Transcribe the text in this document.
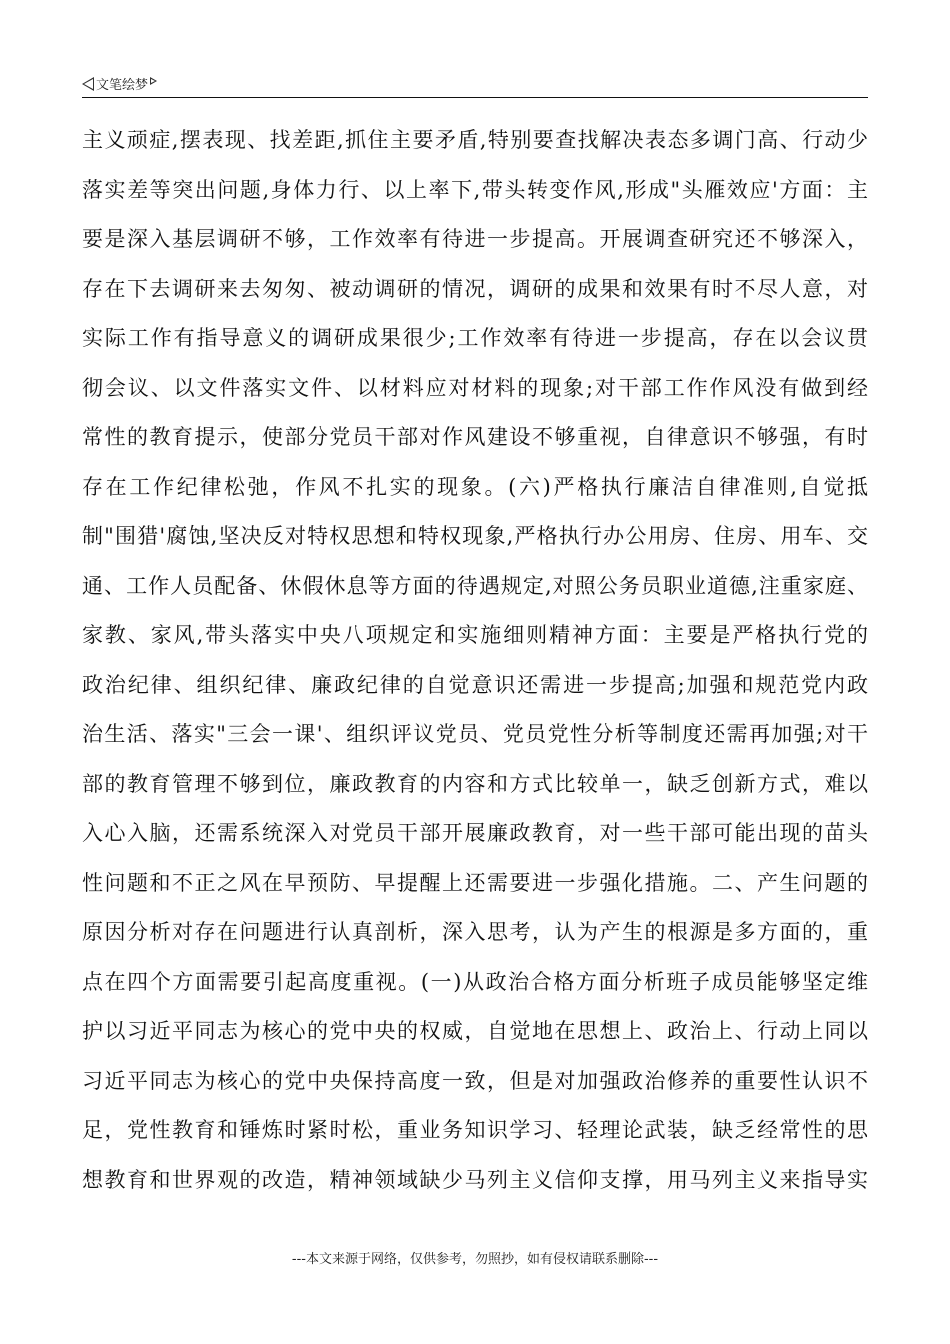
文笔绘梦
主义顽症,摆表现、找差距,抓住主要矛盾,特别要查找解决表态多调门高、行动少
落实差等突出问题,身体力行、以上率下,带头转变作风,形成"头雁效应'方面：主
要是深入基层调研不够，工作效率有待进一步提高。开展调查研究还不够深入，
存在下去调研来去匆匆、被动调研的情况，调研的成果和效果有时不尽人意，对
实际工作有指导意义的调研成果很少;工作效率有待进一步提高，存在以会议贯
彻会议、以文件落实文件、以材料应对材料的现象;对干部工作作风没有做到经
常性的教育提示，使部分党员干部对作风建设不够重视，自律意识不够强，有时
存在工作纪律松弛，作风不扎实的现象。(六)严格执行廉洁自律准则,自觉抵
制"围猎'腐蚀,坚决反对特权思想和特权现象,严格执行办公用房、住房、用车、交
通、工作人员配备、休假休息等方面的待遇规定,对照公务员职业道德,注重家庭、
家教、家风,带头落实中央八项规定和实施细则精神方面：主要是严格执行党的
政治纪律、组织纪律、廉政纪律的自觉意识还需进一步提高;加强和规范党内政
治生活、落实"三会一课'、组织评议党员、党员党性分析等制度还需再加强;对干
部的教育管理不够到位，廉政教育的内容和方式比较单一，缺乏创新方式，难以
入心入脑，还需系统深入对党员干部开展廉政教育，对一些干部可能出现的苗头
性问题和不正之风在早预防、早提醒上还需要进一步强化措施。二、产生问题的
原因分析对存在问题进行认真剖析，深入思考，认为产生的根源是多方面的，重
点在四个方面需要引起高度重视。(一)从政治合格方面分析班子成员能够坚定维
护以习近平同志为核心的党中央的权威，自觉地在思想上、政治上、行动上同以
习近平同志为核心的党中央保持高度一致，但是对加强政治修养的重要性认识不
足，党性教育和锤炼时紧时松，重业务知识学习、轻理论武装，缺乏经常性的思
想教育和世界观的改造，精神领域缺少马列主义信仰支撑，用马列主义来指导实
---本文来源于网络，仅供参考，勿照抄，如有侵权请联系删除---
